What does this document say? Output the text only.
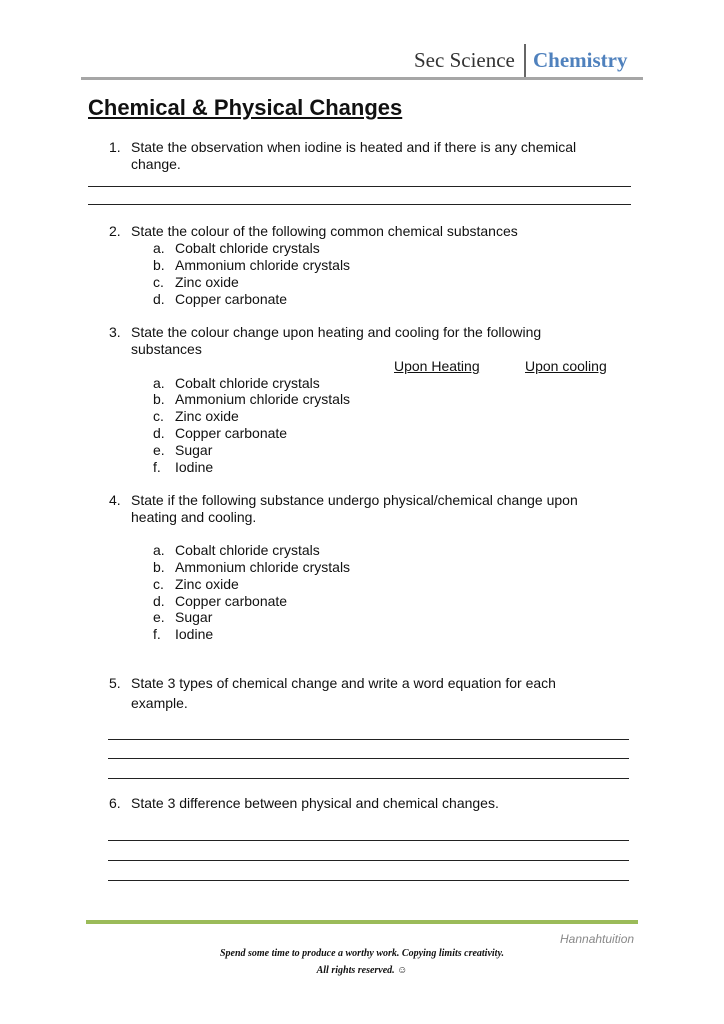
Sec Science Chemistry
Chemical & Physical Changes
1. State the observation when iodine is heated and if there is any chemical
change.
2. State the colour of the following common chemical substances
a. Cobalt chloride crystals
b. Ammonium chloride crystals
c. Zinc oxide
d. Copper carbonate
3. State the colour change upon heating and cooling for the following
substances
Upon Heating	Upon cooling
a. Cobalt chloride crystals
b. Ammonium chloride crystals
c. Zinc oxide
d. Copper carbonate
e. Sugar
f. Iodine
4. State if the following substance undergo physical/chemical change upon
heating and cooling.
a. Cobalt chloride crystals
b. Ammonium chloride crystals
c. Zinc oxide
d. Copper carbonate
e. Sugar
f. Iodine
5. State 3 types of chemical change and write a word equation for each
example.
6. State 3 difference between physical and chemical changes.
Hannahtuition
Spend some time to produce a worthy work. Copying limits creativity.
All rights reserved. ☺
